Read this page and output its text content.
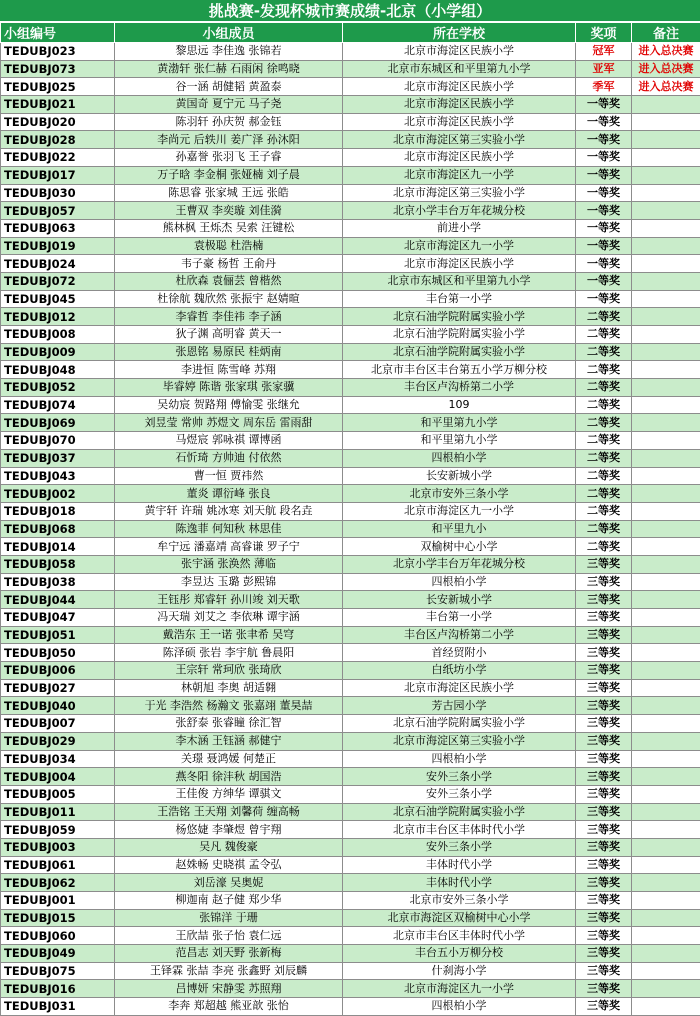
挑战赛-发现杯城市赛成绩-北京（小学组）
小组编号	小组成员	所在学校	奖项	备注
TEDUBJ023	黎思远 李佳逸 张锦若	北京市海淀区民族小学	冠军	进入总决赛
TEDUBJ073	黄渤轩 张仁赫 石雨闲 徐鸣晓	北京市东城区和平里第九小学	亚军	进入总决赛
TEDUBJ025	谷一涵 胡健韬 黄盈泰	北京市海淀区民族小学	季军	进入总决赛
TEDUBJ021	黄国奇 夏宁元 马子尧	北京市海淀区民族小学	一等奖	
TEDUBJ020	陈羽轩 孙庆贺 郝金钰	北京市海淀区民族小学	一等奖	
TEDUBJ028	李尚元 后轶川 姜广泽 孙沐阳	北京市海淀区第三实验小学	一等奖	
TEDUBJ022	孙嘉誉 张羽飞 王子睿	北京市海淀区民族小学	一等奖	
TEDUBJ017	万子晗 李金桐 张娅楠 刘子晨	北京市海淀区九一小学	一等奖	
TEDUBJ030	陈思睿 张家城 王远 张皓	北京市海淀区第三实验小学	一等奖	
TEDUBJ057	王曹双 李奕璇 刘佳漪	北京小学丰台万年花城分校	一等奖	
TEDUBJ063	熊林枫 王烁杰 吴索 汪键松	前进小学	一等奖	
TEDUBJ019	袁极聪 杜浩楠	北京市海淀区九一小学	一等奖	
TEDUBJ024	韦子豪 杨哲 王俞丹	北京市海淀区民族小学	一等奖	
TEDUBJ072	杜欣森 袁俪芸 曾楷然	北京市东城区和平里第九小学	一等奖	
TEDUBJ045	杜徐航 魏欣然 张振宇 赵婧暄	丰台第一小学	一等奖	
TEDUBJ012	李睿哲 李佳祎 李子涵	北京石油学院附属实验小学	二等奖	
TEDUBJ008	狄子渊 高明睿 黄天一	北京石油学院附属实验小学	二等奖	
TEDUBJ009	张恩铭 易原民 桂炳南	北京石油学院附属实验小学	二等奖	
TEDUBJ048	李进恒 陈雪峰 苏翔	北京市丰台区丰台第五小学万柳分校	二等奖	
TEDUBJ052	毕睿婷 陈谐 张家琪 张家骥	丰台区卢沟桥第二小学	二等奖	
TEDUBJ074	吴幼宸 贺路翔 傅愉雯 张继允	109	二等奖	
TEDUBJ069	刘昱莹 常帅 苏煜文 周东岳 雷雨甜	和平里第九小学	二等奖	
TEDUBJ070	马煜宸 郭咏祺 谭博函	和平里第九小学	二等奖	
TEDUBJ037	石忻琦 方帅迪 付依然	四根柏小学	二等奖	
TEDUBJ043	曹一恒 贾祎然	长安新城小学	二等奖	
TEDUBJ002	董炎 谭衍峰 张良	北京市安外三条小学	二等奖	
TEDUBJ018	黄宇轩 许瑞 姚冰寒 刘天航 段名垚	北京市海淀区九一小学	二等奖	
TEDUBJ068	陈逸菲 何知秋 林思佳	和平里九小	二等奖	
TEDUBJ014	牟宁远 潘嘉靖 高睿谦 罗子宁	双榆树中心小学	二等奖	
TEDUBJ058	张宇涵 张涣然 薄临	北京小学丰台万年花城分校	三等奖	
TEDUBJ038	李昱达 玉璐 彭熙锦	四根柏小学	三等奖	
TEDUBJ044	王钰彤 郑睿轩 孙川竣 刘天歌	长安新城小学	三等奖	
TEDUBJ047	冯天瑞 刘艾之 李依琳 谭宇涵	丰台第一小学	三等奖	
TEDUBJ051	戴浩东 王一诺 张聿希 吴穹	丰台区卢沟桥第二小学	三等奖	
TEDUBJ050	陈泽硕 张岩 李宇航 鲁晨阳	首经贸附小	三等奖	
TEDUBJ006	王宗轩 常珂欣 张琦欣	白纸坊小学	三等奖	
TEDUBJ027	林朝旭 李奥 胡适翱	北京市海淀区民族小学	三等奖	
TEDUBJ040	于光 李浩然 杨瀚文 张嘉翊 董昊喆	芳古园小学	三等奖	
TEDUBJ007	张舒泰 张睿瞳 徐汇智	北京石油学院附属实验小学	三等奖	
TEDUBJ029	李木涵 王钰涵 郝健宁	北京市海淀区第三实验小学	三等奖	
TEDUBJ034	关璟 聂鸿媛 何楚正	四根柏小学	三等奖	
TEDUBJ004	燕冬阳 徐沣秋 胡国浩	安外三条小学	三等奖	
TEDUBJ005	王佳俊 方绅华 谭骐文	安外三条小学	三等奖	
TEDUBJ011	王浩铭 王天翔 刘馨荷 缠高畅	北京石油学院附属实验小学	三等奖	
TEDUBJ059	杨悠婕 李肇煜 曾宇翔	北京市丰台区丰体时代小学	三等奖	
TEDUBJ003	吴凡 魏俊豪	安外三条小学	三等奖	
TEDUBJ061	赵姝畅 史晓祺 孟令弘	丰体时代小学	三等奖	
TEDUBJ062	刘岳濠 吴奥妮	丰体时代小学	三等奖	
TEDUBJ001	柳迦南 赵子健 郑少华	北京市安外三条小学	三等奖	
TEDUBJ015	张锦洋 于珊	北京市海淀区双榆树中心小学	三等奖	
TEDUBJ060	王欣喆 张子怡 袁仁远	北京市丰台区丰体时代小学	三等奖	
TEDUBJ049	范昌志 刘天野 张新梅	丰台五小万柳分校	三等奖	
TEDUBJ075	王铎霖 张喆 李亮 张鑫野 刘辰麟	什刹海小学	三等奖	
TEDUBJ016	吕博妍 宋静雯 苏照翔	北京市海淀区九一小学	三等奖	
TEDUBJ031	李奔 郑超越 熊亚歆 张怡	四根柏小学	三等奖	
